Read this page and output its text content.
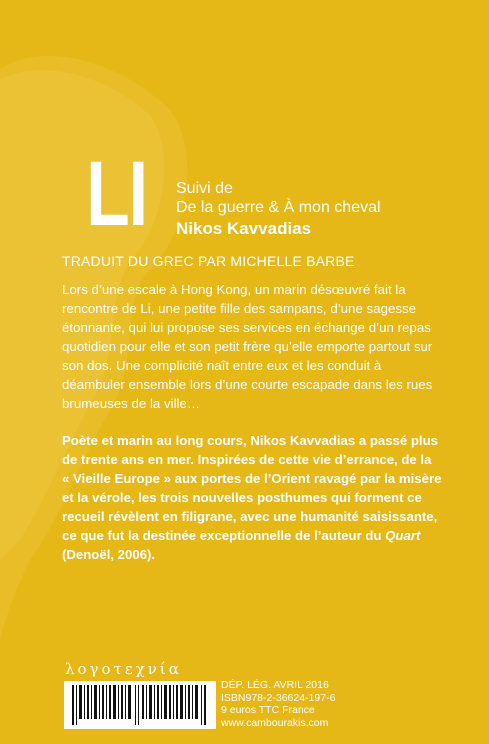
LI Suivi de
De la guerre & À mon cheval
Nikos Kavvadias
TRADUIT DU GREC PAR MICHELLE BARBE

Lors d’une escale à Hong Kong, un marin désœuvré fait la rencontre de Li, une petite fille des sampans, d’une sagesse étonnante, qui lui propose ses services en échange d’un repas quotidien pour elle et son petit frère qu’elle emporte partout sur son dos. Une complicité naît entre eux et les conduit à déambuler ensemble lors d’une courte escapade dans les rues brumeuses de la ville…

Poète et marin au long cours, Nikos Kavvadias a passé plus de trente ans en mer. Inspirées de cette vie d’errance, de la « Vieille Europe » aux portes de l’Orient ravagé par la misère et la vérole, les trois nouvelles posthumes qui forment ce recueil révèlent en filigrane, avec une humanité saisissante, ce que fut la destinée exceptionnelle de l’auteur du Quart (Denoël, 2006).
λογοτεχνία
DÉP. LÉG. AVRIL 2016
ISBN978-2-36624-197-6
9 euros TTC France
www.cambourakis.com
